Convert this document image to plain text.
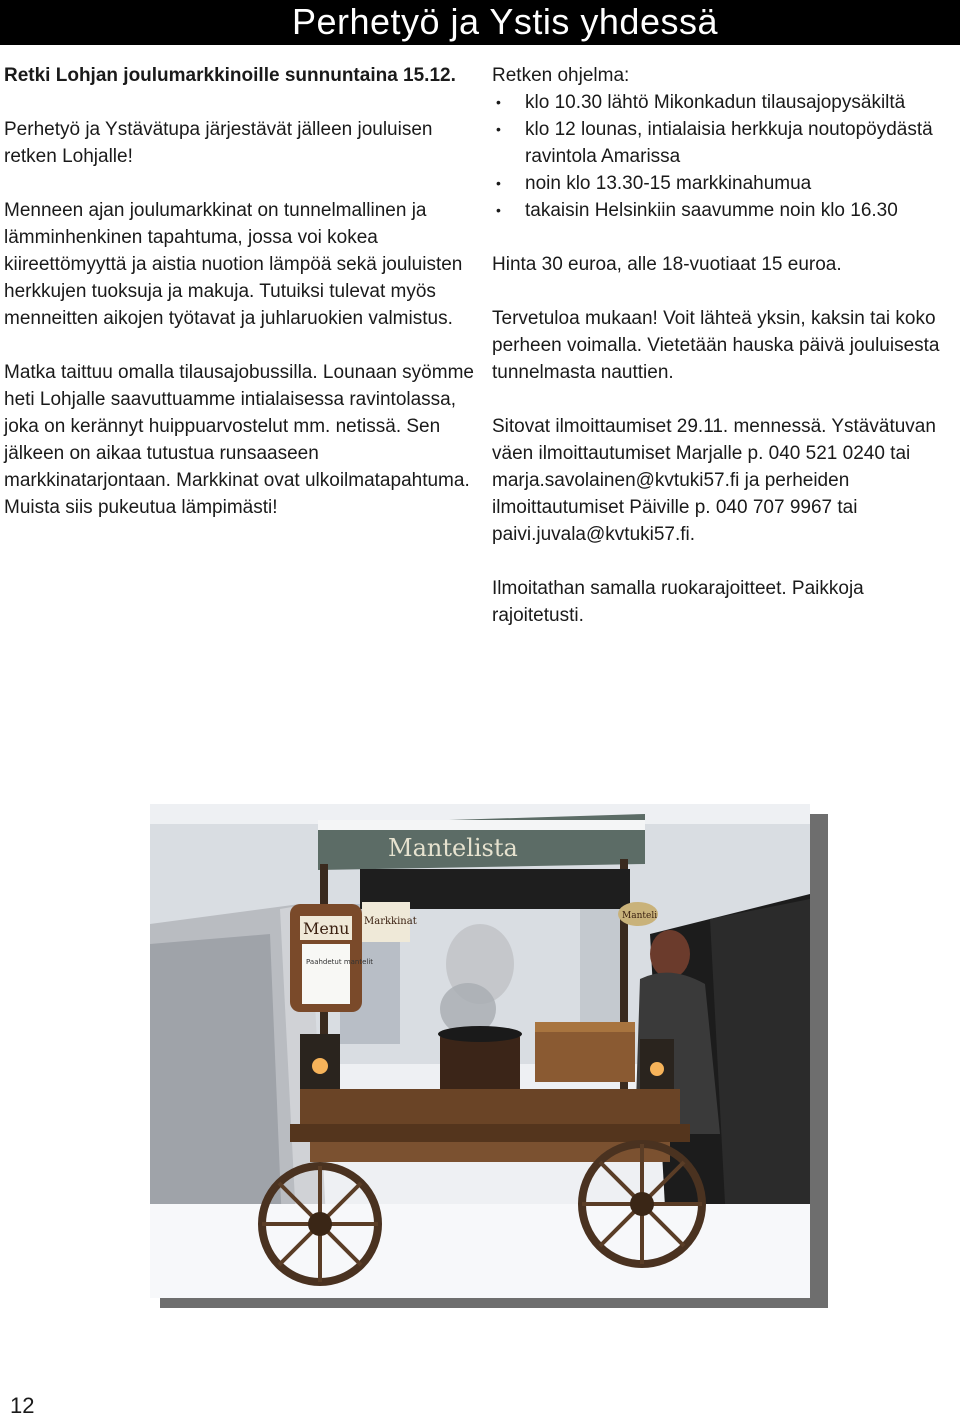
Perhetyö ja Ystis yhdessä

Retki Lohjan joulumarkkinoille sunnuntaina 15.12.

Perhetyö ja Ystävätupa järjestävät jälleen jouluisen retken Lohjalle!

Menneen ajan joulumarkkinat on tunnelmallinen ja lämminhenkinen tapahtuma, jossa voi kokea kiireettömyyttä ja aistia nuotion lämpöä sekä jouluisten herkkujen tuoksuja ja makuja. Tutuiksi tulevat myös menneitten aikojen työtavat ja juhlaruokien valmistus.

Matka taittuu omalla tilausajobussilla. Lounaan syömme heti Lohjalle saavuttuamme intialaisessa ravintolassa, joka on kerännyt huippuarvostelut mm. netissä. Sen jälkeen on aikaa tutustua runsaaseen markkinatarjontaan. Markkinat ovat ulkoilmatapahtuma. Muista siis pukeutua lämpimästi!

Retken ohjelma:
• klo 10.30 lähtö Mikonkadun tilausajopysäkiltä
• klo 12 lounas, intialaisia herkkuja noutopöydästä ravintola Amarissa
• noin klo 13.30-15 markkinahumua
• takaisin Helsinkiin saavumme noin klo 16.30

Hinta 30 euroa, alle 18-vuotiaat 15 euroa.

Tervetuloa mukaan! Voit lähteä yksin, kaksin tai koko perheen voimalla. Vietetään hauska päivä jouluisesta tunnelmasta nauttien.

Sitovat ilmoittaumiset 29.11. mennessä. Ystävätuvan väen ilmoittautumiset Marjalle p. 040 521 0240 tai marja.savolainen@kvtuki57.fi ja perheiden ilmoittautumiset Päiville p. 040 707 9967 tai paivi.juvala@kvtuki57.fi.

Ilmoitathan samalla ruokarajoitteet. Paikkoja rajoitetusti.

Mantelista
Menu
Paahdetut mantelit
Markkinat	Manteli
12
